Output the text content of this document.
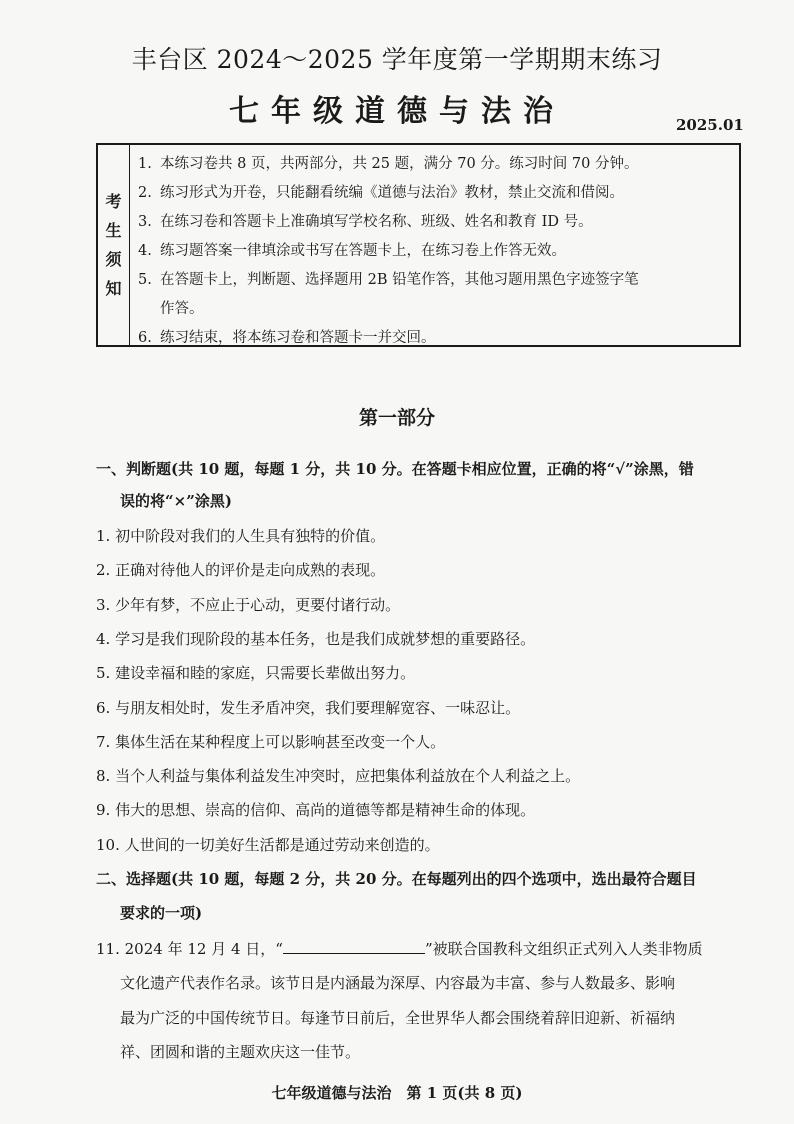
丰台区 2024～2025 学年度第一学期期末练习
七年级道德与法治	2025.01
考
生
须
知
1. 本练习卷共 8 页，共两部分，共 25 题，满分 70 分。练习时间 70 分钟。
2. 练习形式为开卷，只能翻看统编《道德与法治》教材，禁止交流和借阅。
3. 在练习卷和答题卡上准确填写学校名称、班级、姓名和教育 ID 号。
4. 练习题答案一律填涂或书写在答题卡上，在练习卷上作答无效。
5. 在答题卡上，判断题、选择题用 2B 铅笔作答，其他习题用黑色字迹签字笔
作答。
6. 练习结束，将本练习卷和答题卡一并交回。
第一部分
一、判断题(共 10 题，每题 1 分，共 10 分。在答题卡相应位置，正确的将“√”涂黑，错
误的将“×”涂黑)
1. 初中阶段对我们的人生具有独特的价值。
2. 正确对待他人的评价是走向成熟的表现。
3. 少年有梦，不应止于心动，更要付诸行动。
4. 学习是我们现阶段的基本任务，也是我们成就梦想的重要路径。
5. 建设幸福和睦的家庭，只需要长辈做出努力。
6. 与朋友相处时，发生矛盾冲突，我们要理解宽容、一味忍让。
7. 集体生活在某种程度上可以影响甚至改变一个人。
8. 当个人利益与集体利益发生冲突时，应把集体利益放在个人利益之上。
9. 伟大的思想、崇高的信仰、高尚的道德等都是精神生命的体现。
10. 人世间的一切美好生活都是通过劳动来创造的。
二、选择题(共 10 题，每题 2 分，共 20 分。在每题列出的四个选项中，选出最符合题目
要求的一项)
11. 2024 年 12 月 4 日，“	”被联合国教科文组织正式列入人类非物质
文化遗产代表作名录。该节日是内涵最为深厚、内容最为丰富、参与人数最多、影响
最为广泛的中国传统节日。每逢节日前后，全世界华人都会围绕着辞旧迎新、祈福纳
祥、团圆和谐的主题欢庆这一佳节。
七年级道德与法治　第 1 页(共 8 页)
